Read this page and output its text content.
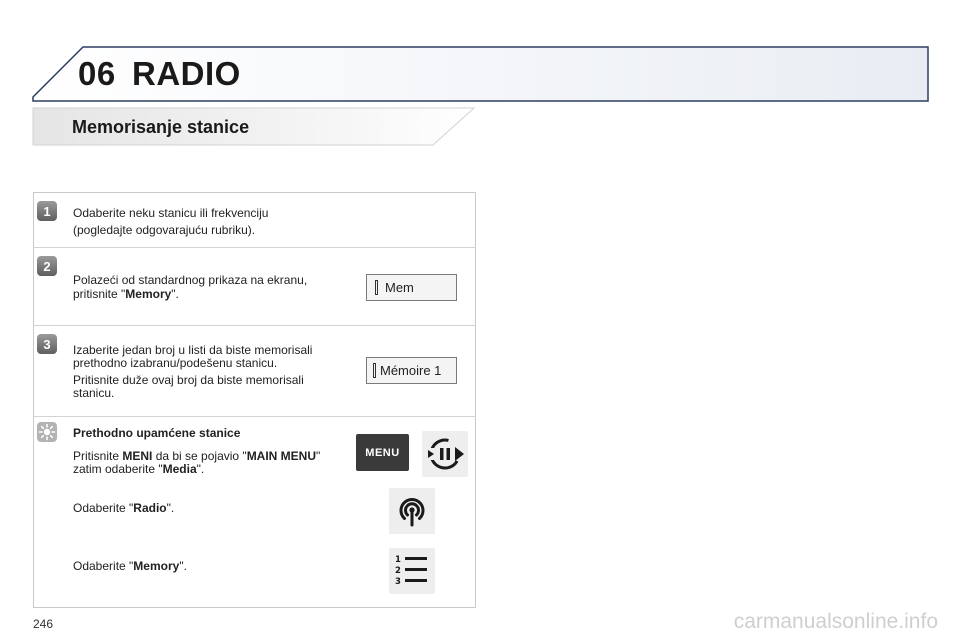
06 RADIO
Memorisanje stanice
1	Odaberite neku stanicu ili frekvenciju
(pogledajte odgovarajuću rubriku).
2
Polazeći od standardnog prikaza na ekranu,
pritisnite "Memory".	Mem
3	Izaberite jedan broj u listi da biste memorisali
prethodno izabranu/podešenu stanicu.
Pritisnite duže ovaj broj da biste memorisali
stanicu.
Mémoire 1
Prethodno upamćene stanice
Pritisnite MENI da bi se pojavio "MAIN MENU"
zatim odaberite "Media".
MENU
Odaberite "Radio".
Odaberite "Memory".	1
2
3
246	carmanualsonline.info
